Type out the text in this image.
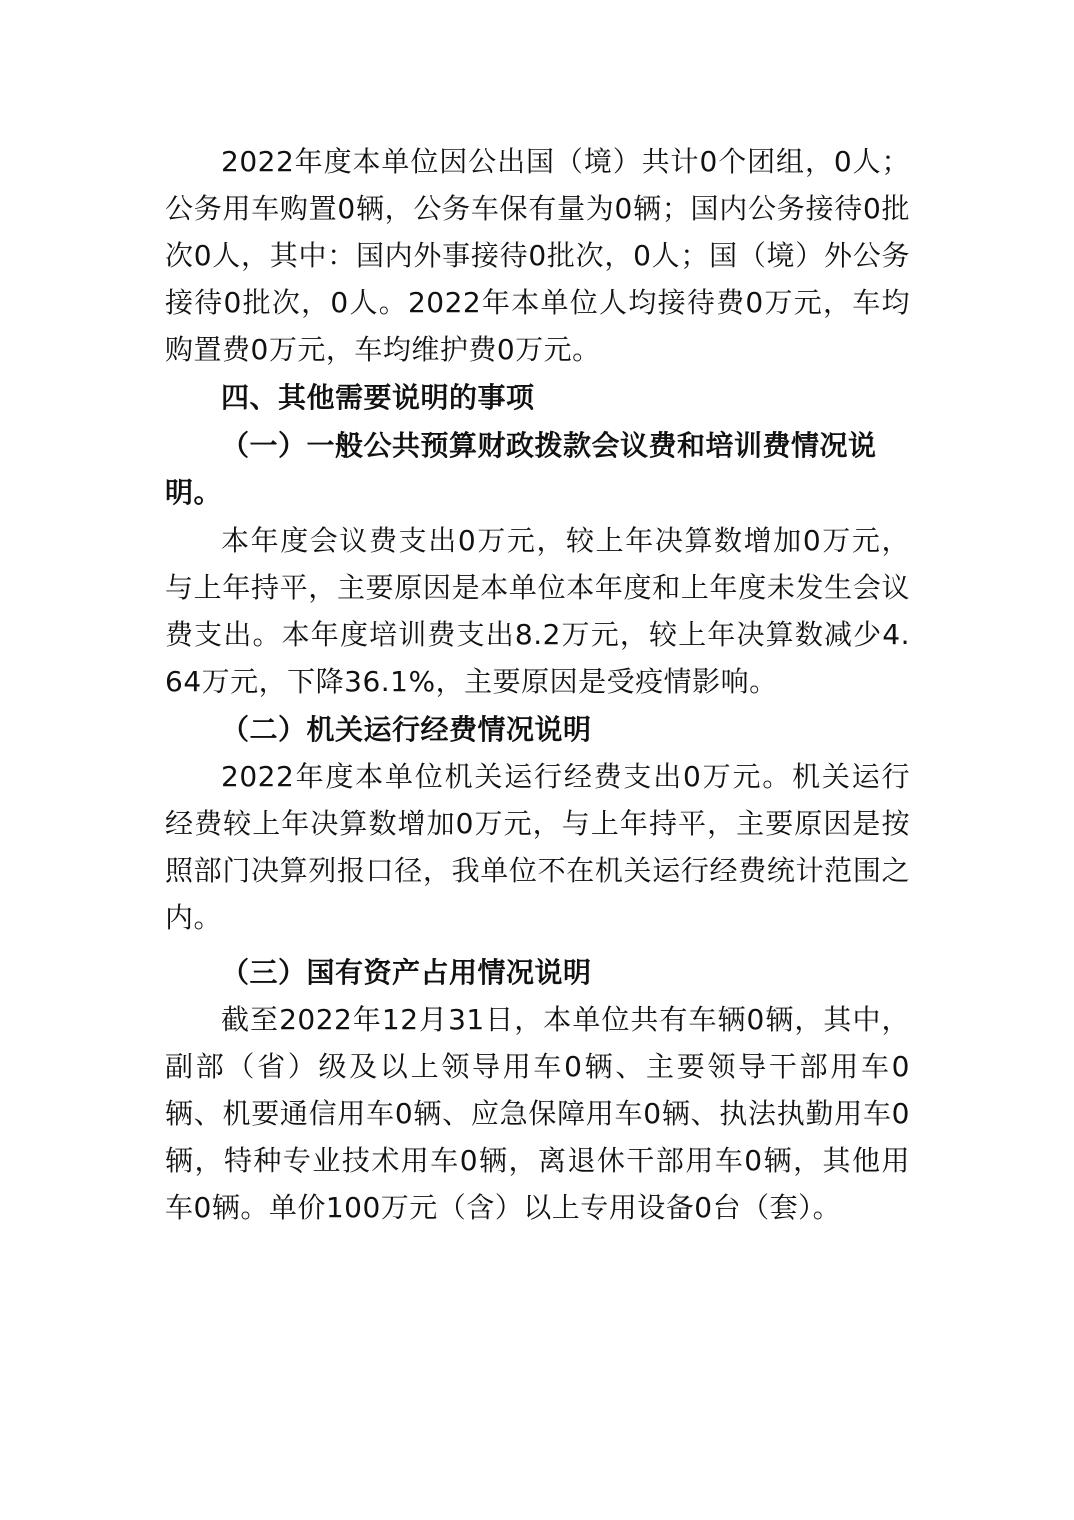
2022年度本单位因公出国（境）共计0个团组，0人；公务用车购置0辆，公务车保有量为0辆；国内公务接待0批次0人，其中：国内外事接待0批次，0人；国（境）外公务接待0批次，0人。2022年本单位人均接待费0万元，车均购置费0万元，车均维护费0万元。

四、其他需要说明的事项

（一）一般公共预算财政拨款会议费和培训费情况说明。

本年度会议费支出0万元，较上年决算数增加0万元，与上年持平，主要原因是本单位本年度和上年度未发生会议费支出。本年度培训费支出8.2万元，较上年决算数减少4.64万元，下降36.1%，主要原因是受疫情影响。

（二）机关运行经费情况说明

2022年度本单位机关运行经费支出0万元。机关运行经费较上年决算数增加0万元，与上年持平，主要原因是按照部门决算列报口径，我单位不在机关运行经费统计范围之内。

（三）国有资产占用情况说明

截至2022年12月31日，本单位共有车辆0辆，其中，副部（省）级及以上领导用车0辆、主要领导干部用车0辆、机要通信用车0辆、应急保障用车0辆、执法执勤用车0辆，特种专业技术用车0辆，离退休干部用车0辆，其他用车0辆。单价100万元（含）以上专用设备0台（套）。
